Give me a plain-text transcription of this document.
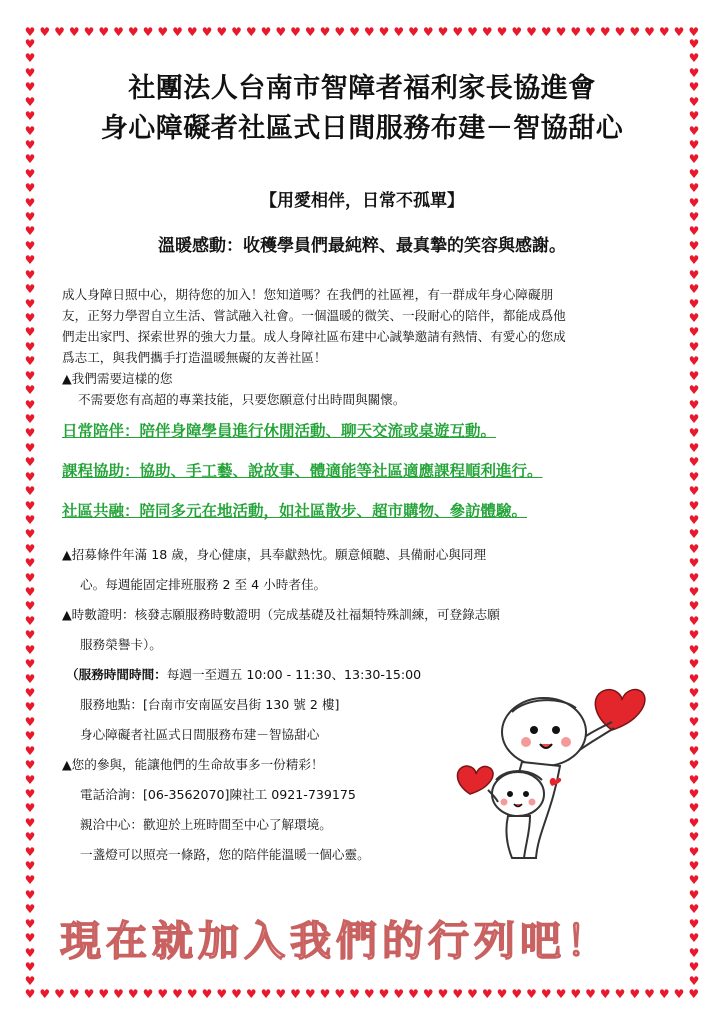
♥ ♥ ♥ ♥ ♥ ♥ ♥ ♥ ♥ ♥ ♥ ♥ ♥ ♥ ♥ ♥ ♥ ♥ ♥ ♥ ♥ ♥ ♥ ♥ ♥ ♥ ♥ ♥ ♥ ♥ ♥ ♥ ♥ ♥ ♥ ♥ ♥ ♥ ♥ ♥ ♥ ♥ ♥ ♥ ♥ ♥
♥ ♥ ♥ ♥ ♥ ♥ ♥ ♥ ♥ ♥ ♥ ♥ ♥ ♥ ♥ ♥ ♥ ♥ ♥ ♥ ♥ ♥ ♥ ♥ ♥ ♥ ♥ ♥ ♥ ♥ ♥ ♥ ♥ ♥ ♥ ♥ ♥ ♥ ♥ ♥ ♥ ♥ ♥ ♥ ♥ ♥
♥
♥
♥
♥
♥
♥
♥
♥
♥
♥
♥
♥
♥
♥
♥
♥
♥
♥
♥
♥
♥
♥
♥
♥
♥
♥
♥
♥
♥
♥
♥
♥
♥
♥
♥
♥
♥
♥
♥
♥
♥
♥
♥
♥
♥
♥
♥
♥
♥
♥
♥
♥
♥
♥
♥
♥
♥
♥
♥
♥
♥
♥
♥
♥
♥
♥
♥
♥
♥
♥
♥
♥
♥
♥
♥
♥
♥
♥
♥
♥
♥
♥
♥
♥
♥
♥
♥
♥
♥
♥
♥
♥
♥
♥
♥
♥
♥
♥
♥
♥
♥
♥
♥
♥
♥
♥
♥
♥
♥
♥
♥
♥
♥
♥
♥
♥
♥
♥
♥
♥
♥
♥
♥
♥
♥
♥
♥
♥
♥
♥
♥
♥
社團法人台南市智障者福利家長協進會
身心障礙者社區式日間服務布建－智協甜心
【用愛相伴，日常不孤單】
溫暖感動：收穫學員們最純粹、最真摯的笑容與感謝。
成人身障日照中心，期待您的加入！您知道嗎？在我們的社區裡，有一群成年身心障礙朋
友，正努力學習自立生活、嘗試融入社會。一個溫暖的微笑、一段耐心的陪伴，都能成爲他
們走出家門、探索世界的強大力量。成人身障社區布建中心誠摯邀請有熱情、有愛心的您成
爲志工，與我們攜手打造溫暖無礙的友善社區！
▲我們需要這樣的您
不需要您有高超的專業技能，只要您願意付出時間與關懷。
日常陪伴：陪伴身障學員進行休閒活動、聊天交流或桌遊互動。
課程協助：協助、手工藝、說故事、體適能等社區適應課程順利進行。
社區共融：陪同多元在地活動，如社區散步、超市購物、參訪體驗。
▲招募條件年滿 18 歲，身心健康，具奉獻熱忱。願意傾聽、具備耐心與同理
心。每週能固定排班服務 2 至 4 小時者佳。
▲時數證明：核發志願服務時數證明（完成基礎及社福類特殊訓練，可登錄志願
服務榮譽卡）。
（服務時間時間：每週一至週五 10:00 - 11:30、13:30-15:00
服務地點：[台南市安南區安昌街 130 號 2 樓]
身心障礙者社區式日間服務布建－智協甜心
▲您的參與，能讓他們的生命故事多一份精彩！
電話洽詢：[06-3562070]陳社工 0921-739175
親洽中心：歡迎於上班時間至中心了解環境。
一盞燈可以照亮一條路，您的陪伴能溫暖一個心靈。
現在就加入我們的行列吧！
